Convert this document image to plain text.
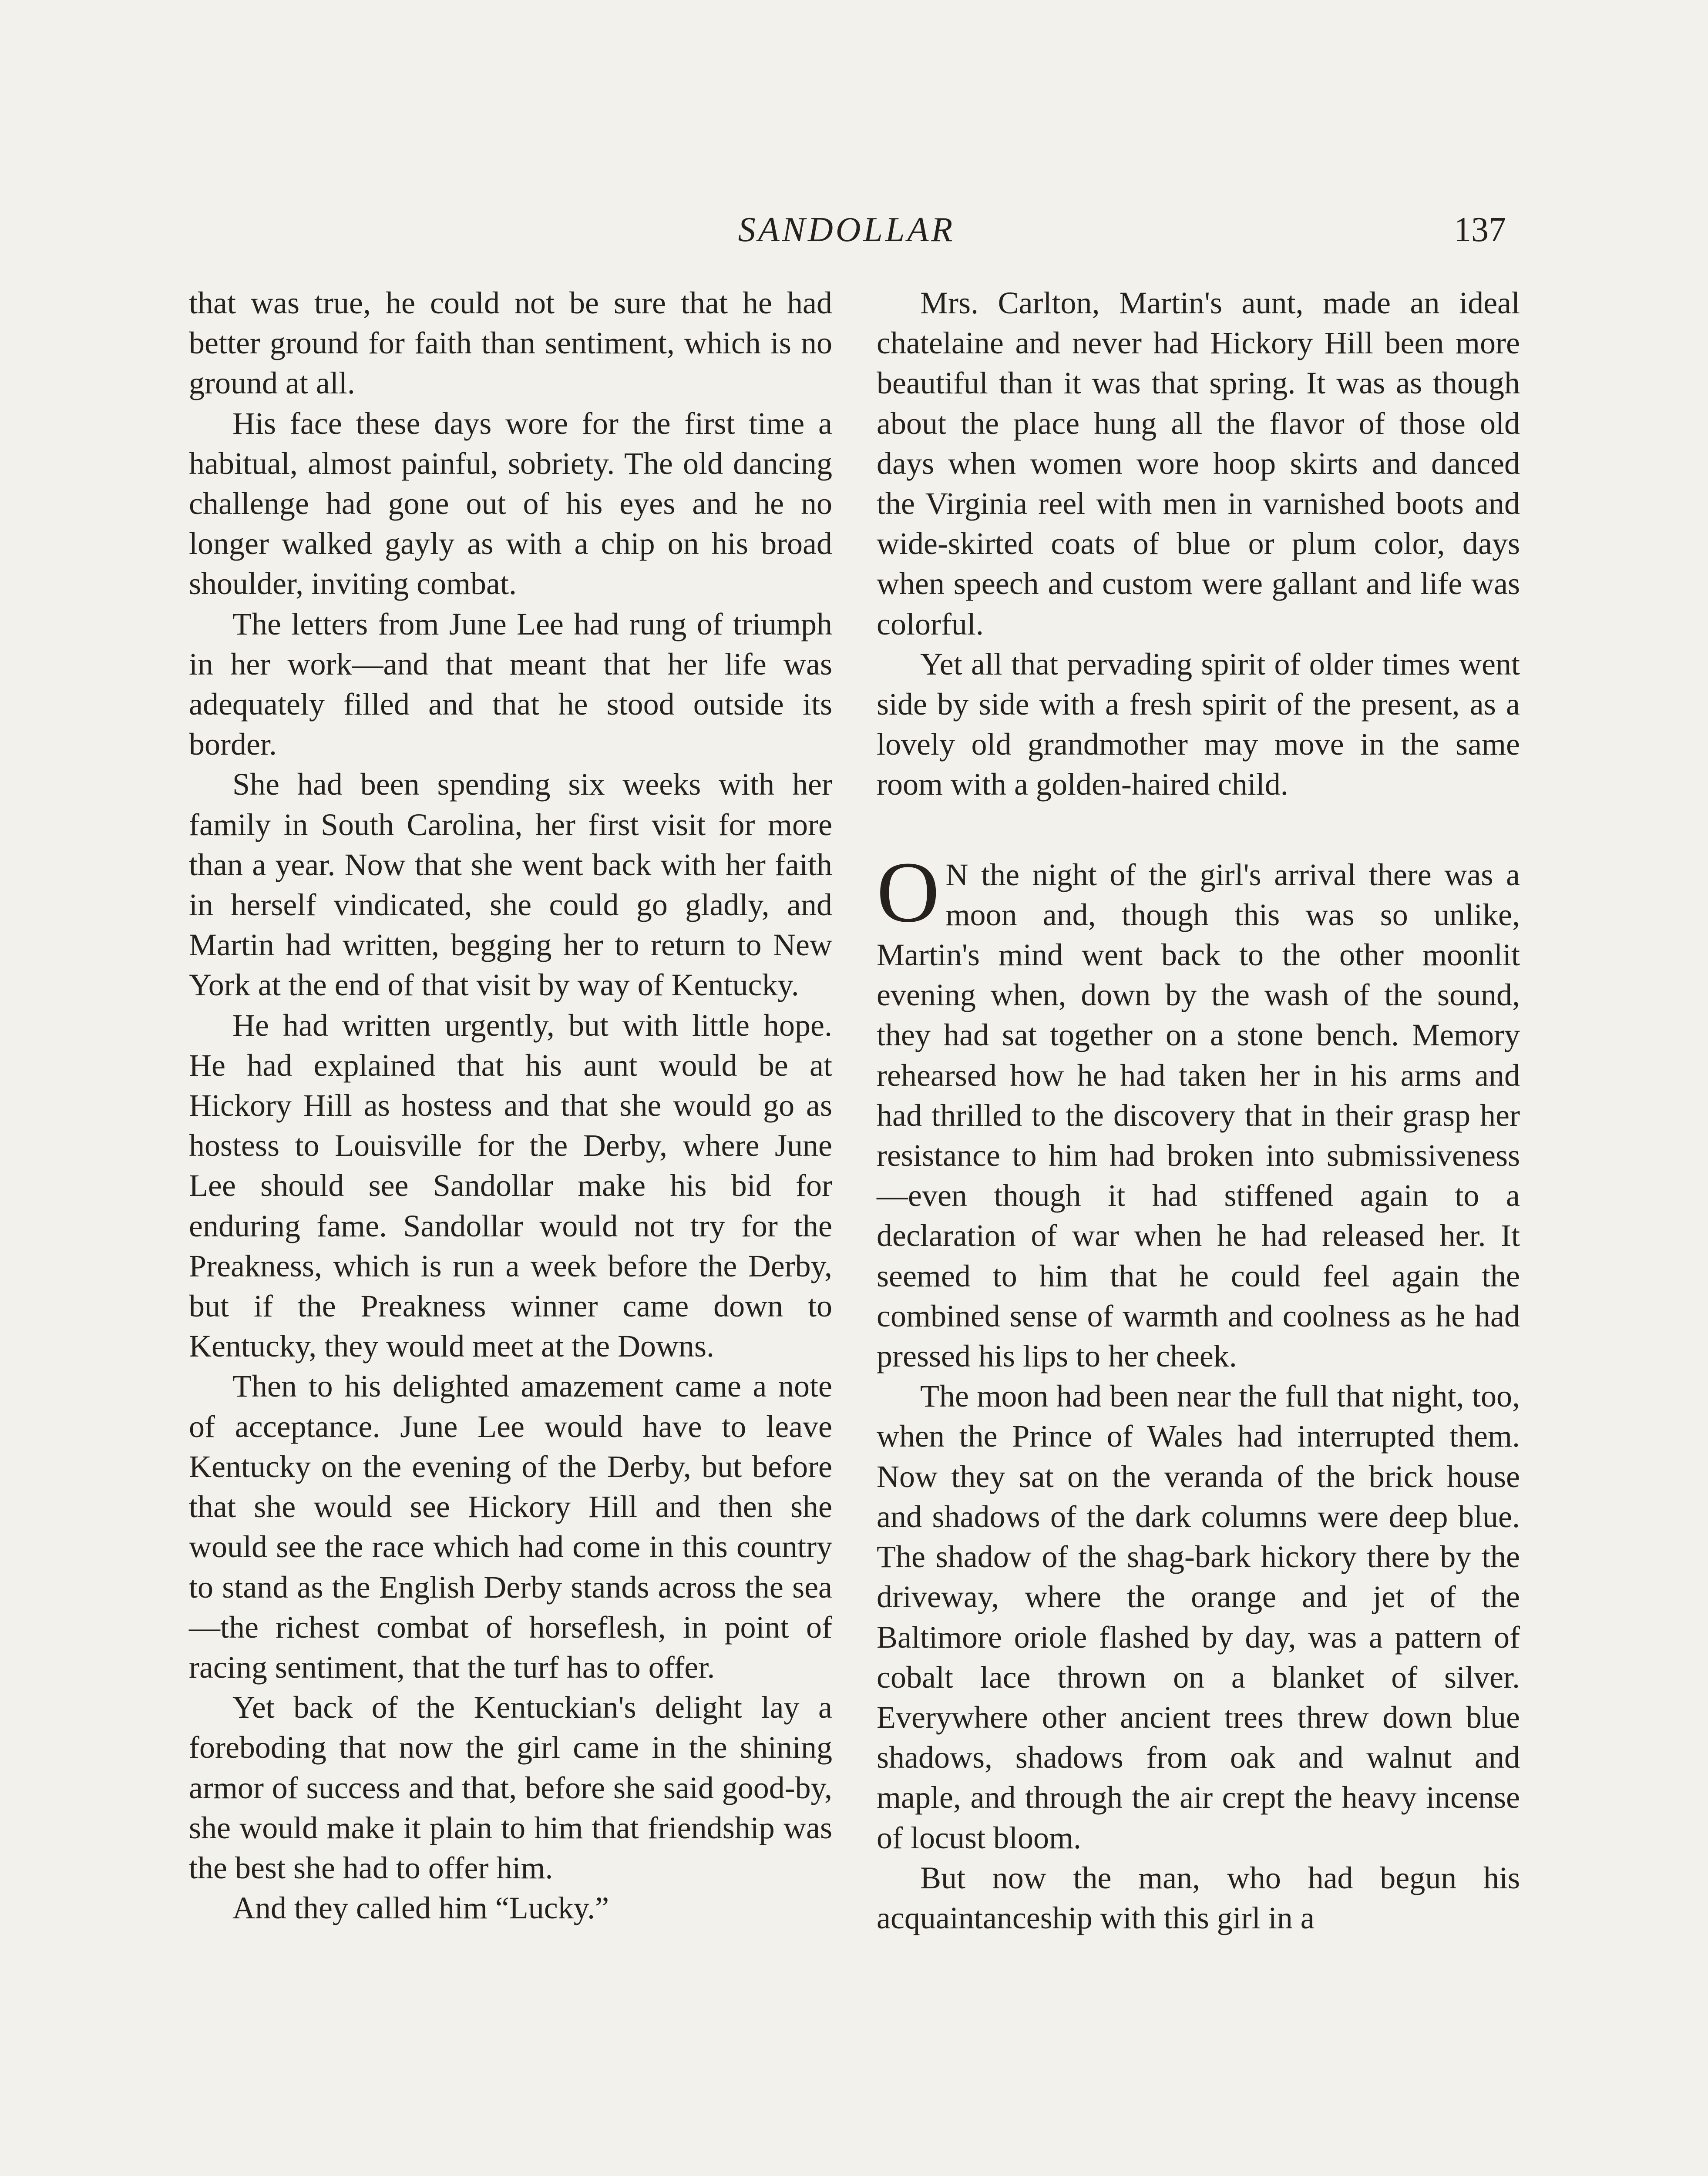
SANDOLLAR	137

that was true, he could not be sure that he had better ground for faith than sentiment, which is no ground at all.

His face these days wore for the first time a habitual, almost painful, sobriety. The old dancing challenge had gone out of his eyes and he no longer walked gayly as with a chip on his broad shoulder, inviting combat.

The letters from June Lee had rung of triumph in her work—and that meant that her life was adequately filled and that he stood outside its border.

She had been spending six weeks with her family in South Carolina, her first visit for more than a year. Now that she went back with her faith in herself vindicated, she could go gladly, and Martin had written, begging her to return to New York at the end of that visit by way of Kentucky.

He had written urgently, but with little hope. He had explained that his aunt would be at Hickory Hill as hostess and that she would go as hostess to Louisville for the Derby, where June Lee should see Sandollar make his bid for enduring fame. Sandollar would not try for the Preakness, which is run a week before the Derby, but if the Preakness winner came down to Kentucky, they would meet at the Downs.

Then to his delighted amazement came a note of acceptance. June Lee would have to leave Kentucky on the evening of the Derby, but before that she would see Hickory Hill and then she would see the race which had come in this country to stand as the English Derby stands across the sea—the richest combat of horseflesh, in point of racing sentiment, that the turf has to offer.

Yet back of the Kentuckian's delight lay a foreboding that now the girl came in the shining armor of success and that, before she said good-by, she would make it plain to him that friendship was the best she had to offer him.

And they called him “Lucky.”

Mrs. Carlton, Martin's aunt, made an ideal chatelaine and never had Hickory Hill been more beautiful than it was that spring. It was as though about the place hung all the flavor of those old days when women wore hoop skirts and danced the Virginia reel with men in varnished boots and wide-skirted coats of blue or plum color, days when speech and custom were gallant and life was colorful.

Yet all that pervading spirit of older times went side by side with a fresh spirit of the present, as a lovely old grandmother may move in the same room with a golden-haired child.

O N the night of the girl's arrival there was a moon and, though this was so unlike, Martin's mind went back to the other moonlit evening when, down by the wash of the sound, they had sat together on a stone bench. Memory rehearsed how he had taken her in his arms and had thrilled to the discovery that in their grasp her resistance to him had broken into submissiveness—even though it had stiffened again to a declaration of war when he had released her. It seemed to him that he could feel again the combined sense of warmth and coolness as he had pressed his lips to her cheek.

The moon had been near the full that night, too, when the Prince of Wales had interrupted them. Now they sat on the veranda of the brick house and shadows of the dark columns were deep blue. The shadow of the shag-bark hickory there by the driveway, where the orange and jet of the Baltimore oriole flashed by day, was a pattern of cobalt lace thrown on a blanket of silver. Everywhere other ancient trees threw down blue shadows, shadows from oak and walnut and maple, and through the air crept the heavy incense of locust bloom.

But now the man, who had begun his acquaintanceship with this girl in a
